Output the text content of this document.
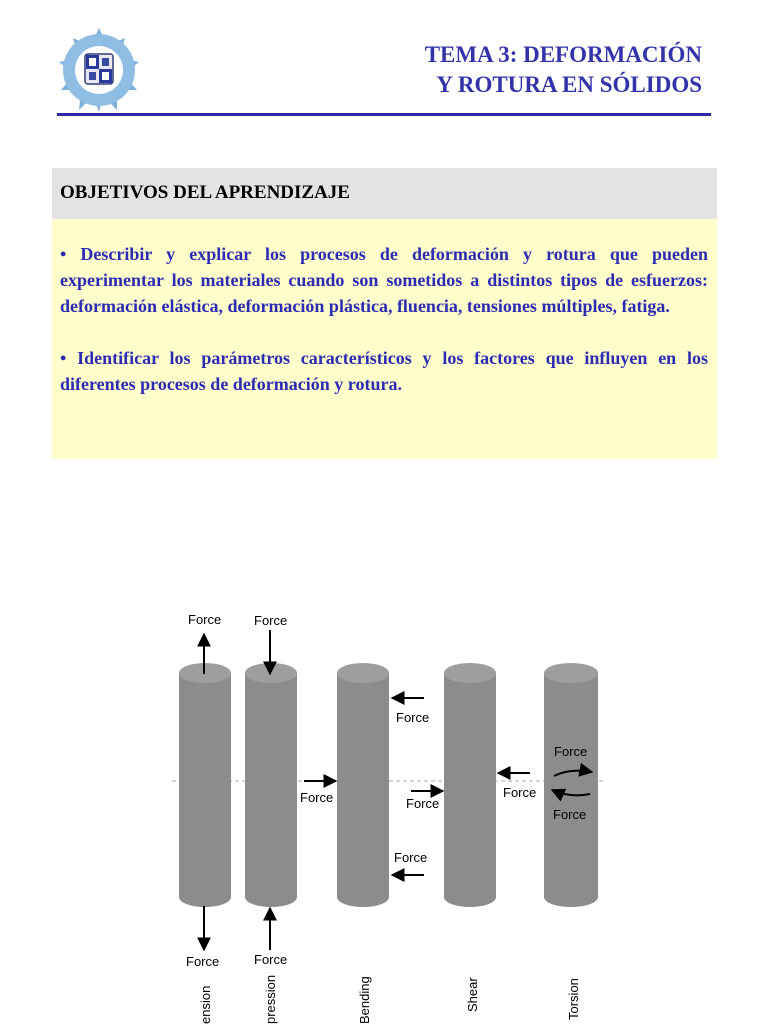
TEMA 3: DEFORMACIÓN
Y ROTURA EN SÓLIDOS
OBJETIVOS DEL APRENDIZAJE

• Describir y explicar los procesos de deformación y rotura que pueden experimentar los materiales cuando son sometidos a distintos tipos de esfuerzos: deformación elástica, deformación plástica, fluencia, tensiones múltiples, fatiga.

• Identificar los parámetros característicos y los factores que influyen en los diferentes procesos de deformación y rotura.

Force
Force
Force
Force
Force
Force
Force
Force
Force
Force
Force
ension	pression	Bending	Shear	Torsion
